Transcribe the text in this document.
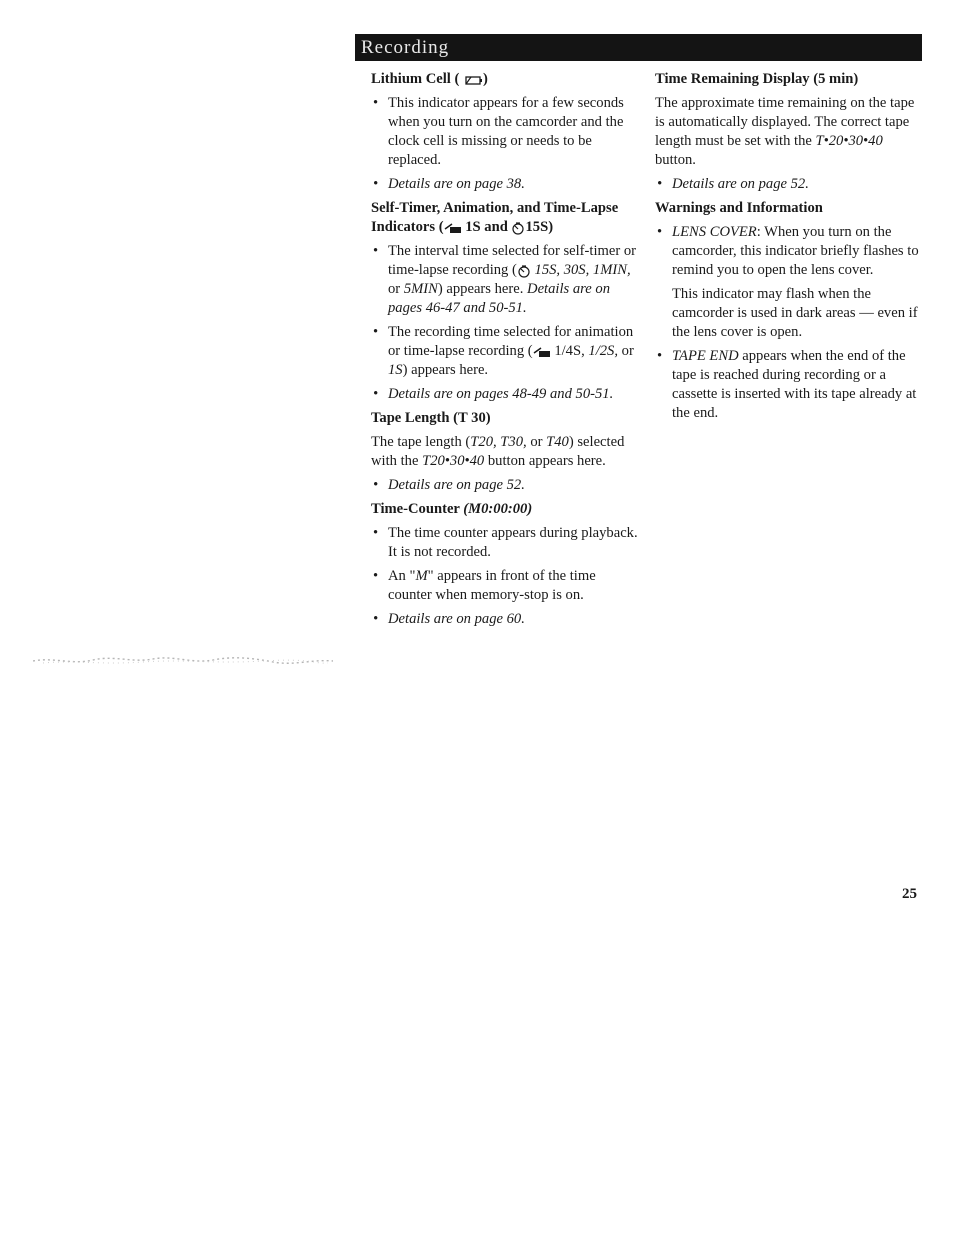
Recording
Lithium Cell ( )
• This indicator appears for a few seconds when you turn on the camcorder and the clock cell is missing or needs to be replaced.
• Details are on page 38.
Self-Timer, Animation, and Time-Lapse Indicators ( 1S and 15S)
• The interval time selected for self-timer or time-lapse recording ( 15S, 30S, 1MIN, or 5MIN) appears here. Details are on pages 46-47 and 50-51.
• The recording time selected for animation or time-lapse recording ( 1/4S, 1/2S, or 1S) appears here.
• Details are on pages 48-49 and 50-51.
Tape Length (T 30)

The tape length (T20, T30, or T40) selected with the T20•30•40 button appears here.

• Details are on page 52.
Time-Counter (M0:00:00)
• The time counter appears during playback. It is not recorded.
• An "M" appears in front of the time counter when memory-stop is on.
• Details are on page 60.
Time Remaining Display (5 min)

The approximate time remaining on the tape is automatically displayed. The correct tape length must be set with the T•20•30•40 button.

• Details are on page 52.
Warnings and Information
• LENS COVER: When you turn on the camcorder, this indicator briefly flashes to remind you to open the lens cover.

This indicator may flash when the camcorder is used in dark areas — even if the lens cover is open.

• TAPE END appears when the end of the tape is reached during recording or a cassette is inserted with its tape already at the end.
25
